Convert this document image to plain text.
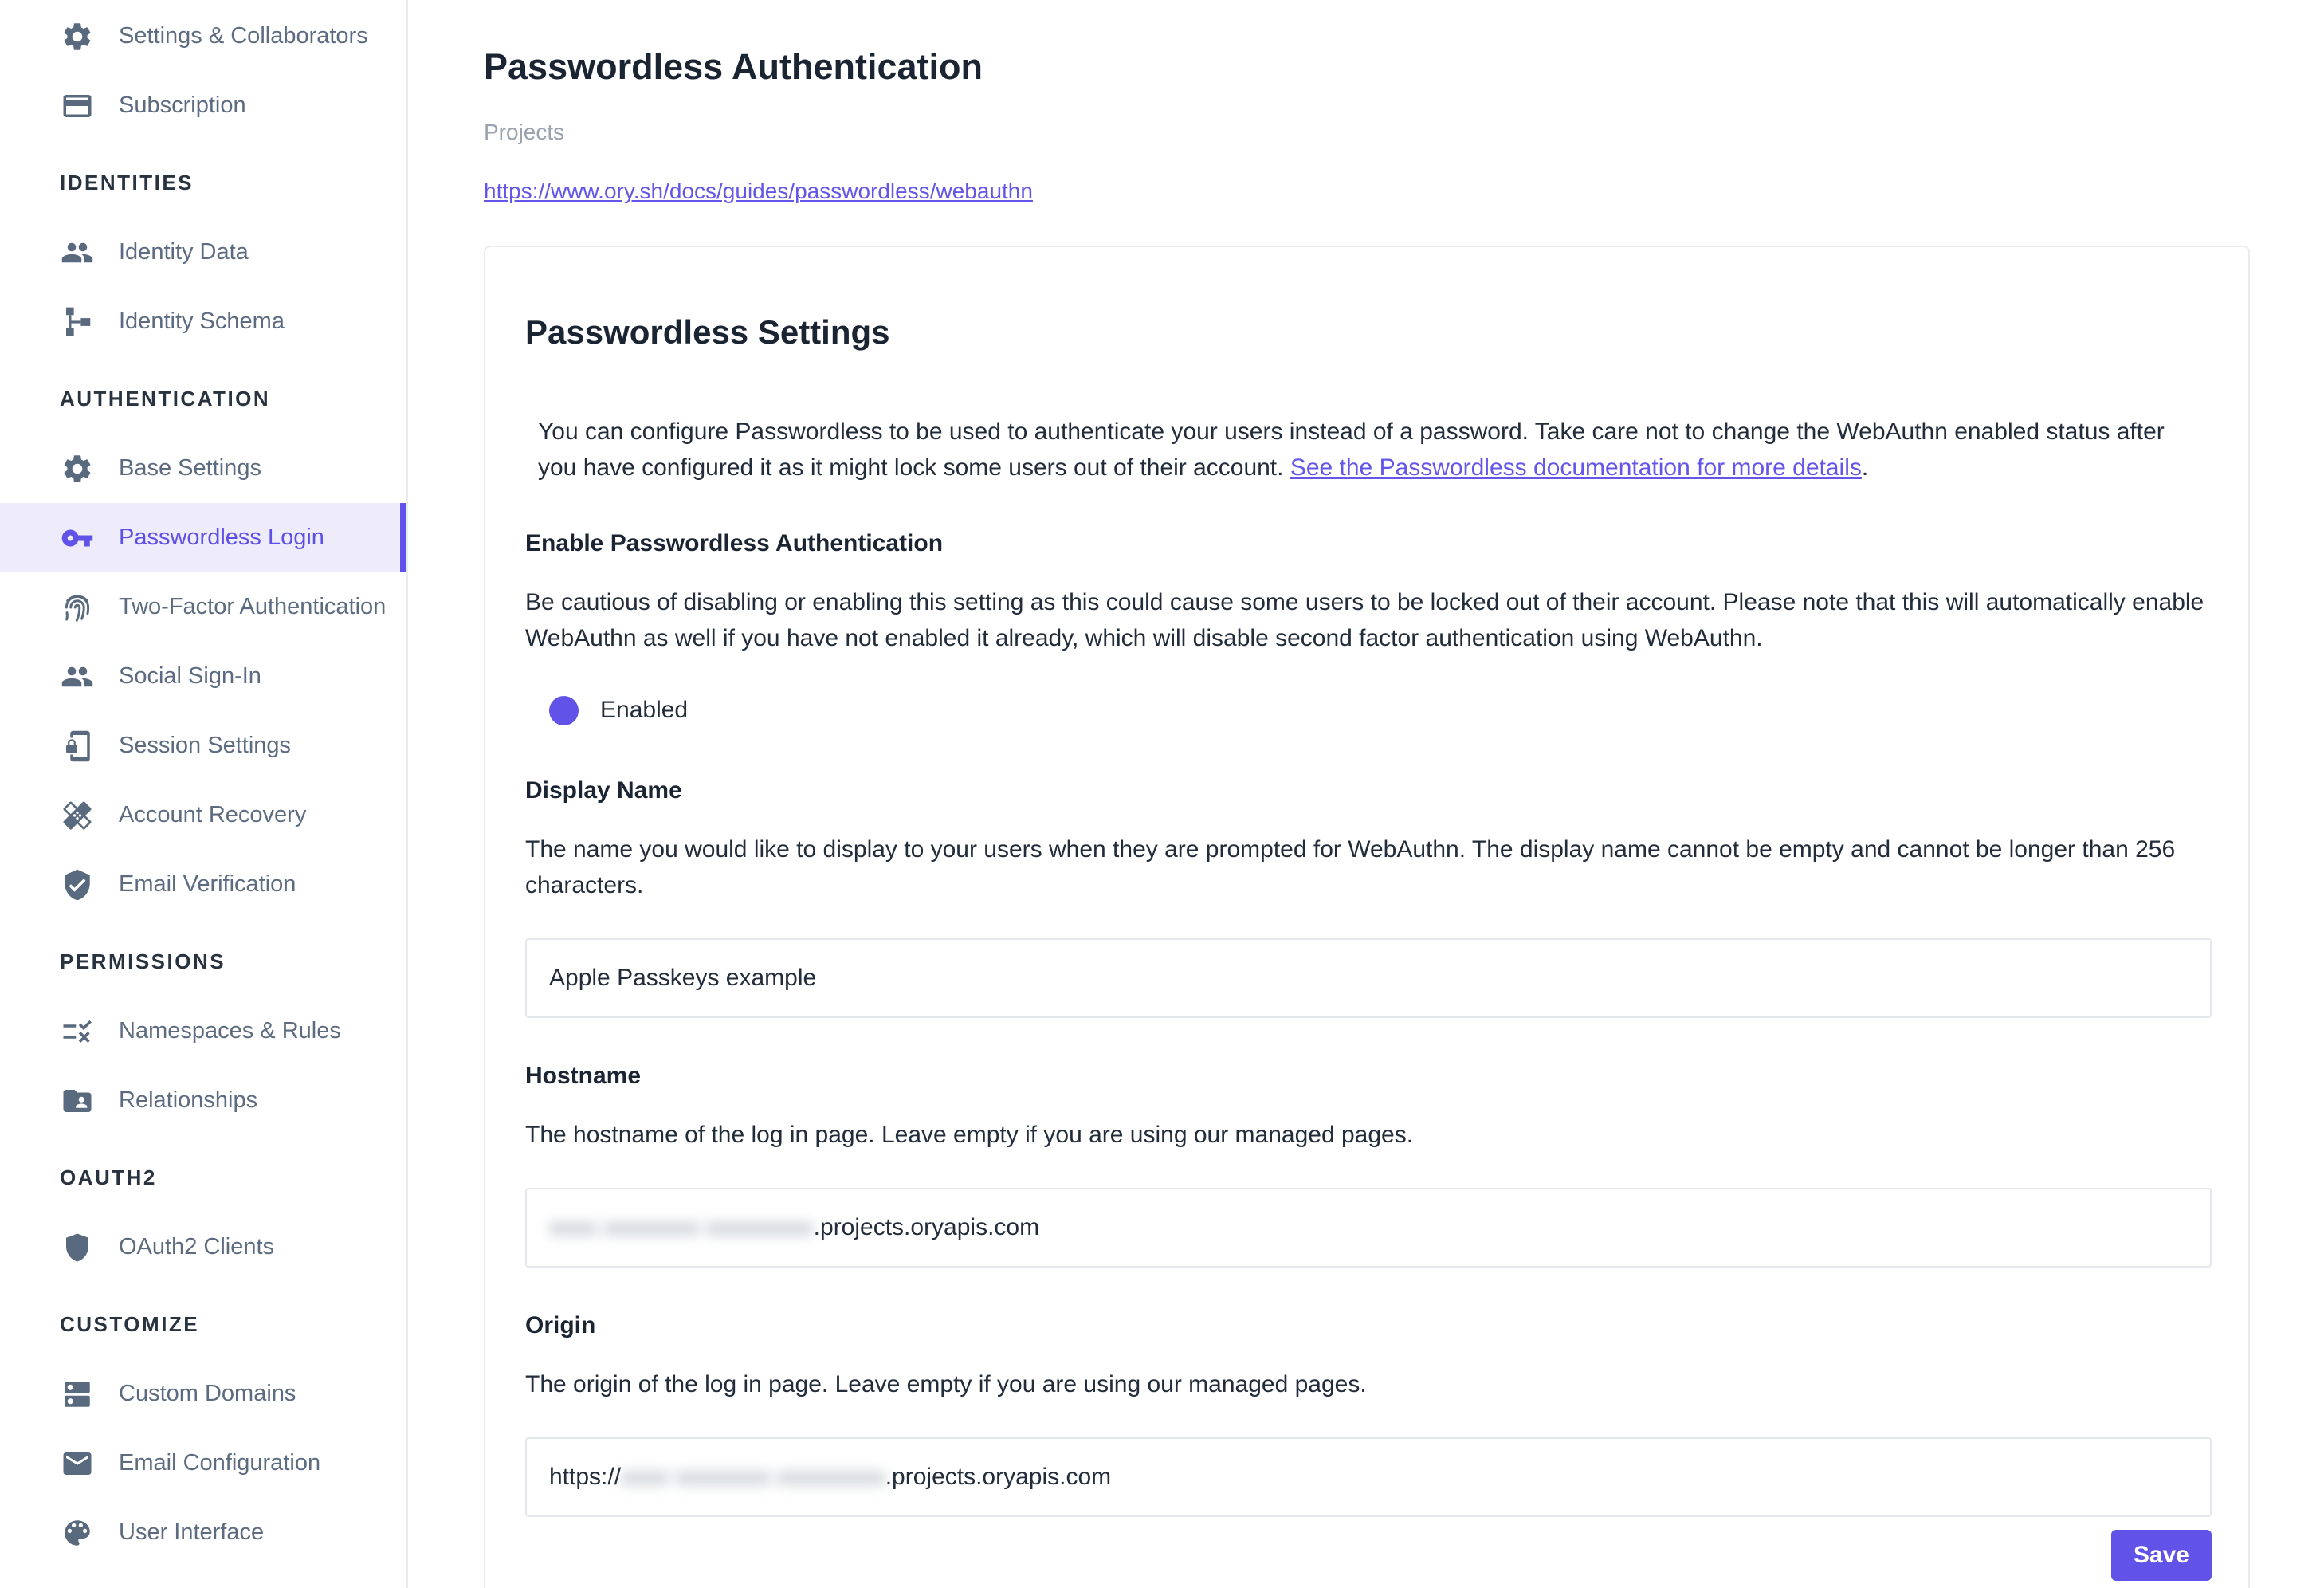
Settings & Collaborators
Subscription
IDENTITIES
Identity Data
Identity Schema
AUTHENTICATION
Base Settings
Passwordless Login
Two-Factor Authentication
Social Sign-In
Session Settings
Account Recovery
Email Verification
PERMISSIONS
Namespaces & Rules
Relationships
OAUTH2
OAuth2 Clients
CUSTOMIZE
Custom Domains
Email Configuration
User Interface
Passwordless Authentication
Projects
https://www.ory.sh/docs/guides/passwordless/webauthn
Passwordless Settings

You can configure Passwordless to be used to authenticate your users instead of a password. Take care not to change the WebAuthn enabled status after you have configured it as it might lock some users out of their account. See the Passwordless documentation for more details.

Enable Passwordless Authentication

Be cautious of disabling or enabling this setting as this could cause some users to be locked out of their account. Please note that this will automatically enable WebAuthn as well if you have not enabled it already, which will disable second factor authentication using WebAuthn.

Enabled
Display Name

The name you would like to display to your users when they are prompted for WebAuthn. The display name cannot be empty and cannot be longer than 256 characters.

Apple Passkeys example
Hostname

The hostname of the log in page. Leave empty if you are using our managed pages.

xxxx xxxxxxxx xxxxxxxxx .projects.oryapis.com
Origin

The origin of the log in page. Leave empty if you are using our managed pages.

https:// xxxx xxxxxxxx xxxxxxxxx .projects.oryapis.com
Save
